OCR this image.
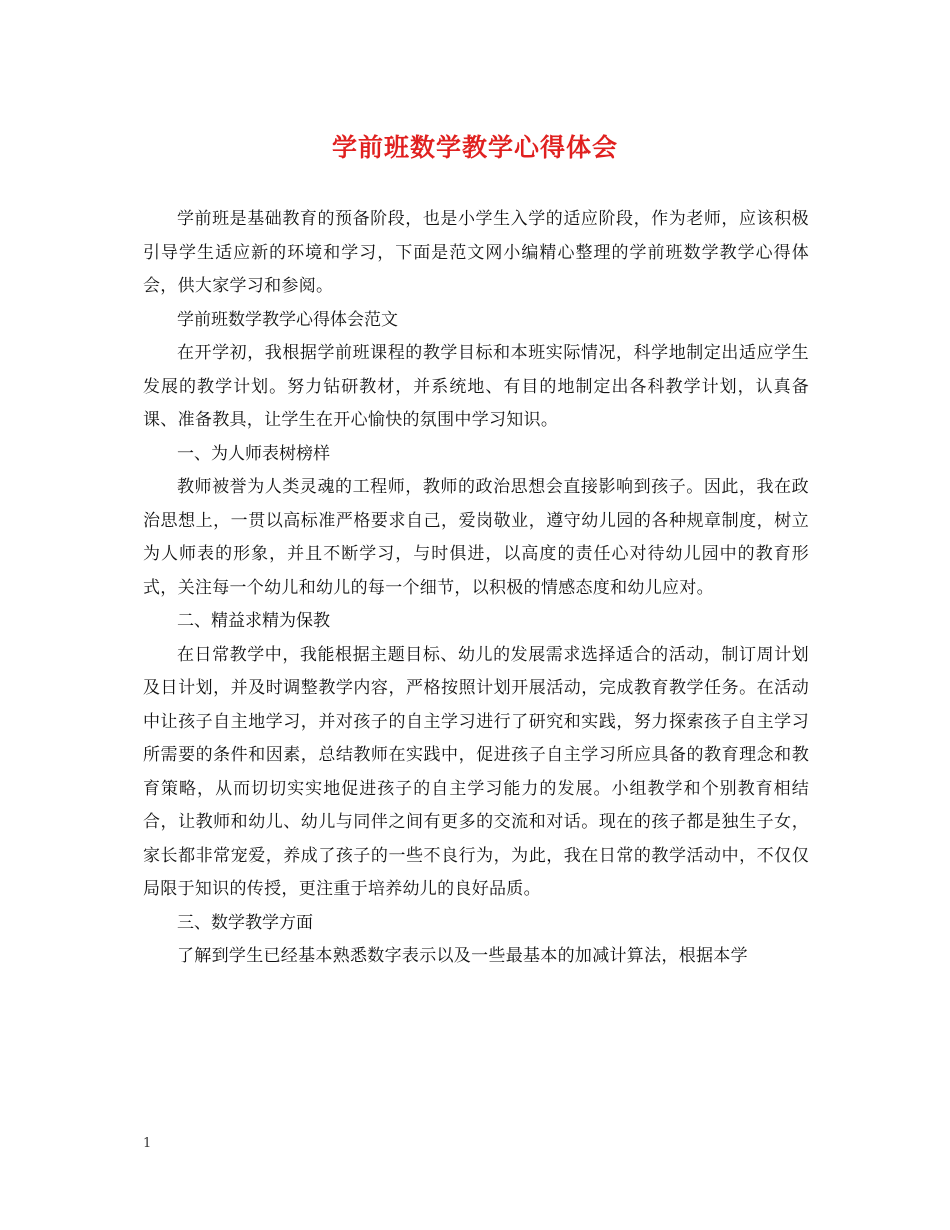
学前班数学教学心得体会

学前班是基础教育的预备阶段，也是小学生入学的适应阶段，作为老师，应该积极引导学生适应新的环境和学习，下面是范文网小编精心整理的学前班数学教学心得体会，供大家学习和参阅。

学前班数学教学心得体会范文

在开学初，我根据学前班课程的教学目标和本班实际情况，科学地制定出适应学生发展的教学计划。努力钻研教材，并系统地、有目的地制定出各科教学计划，认真备课、准备教具，让学生在开心愉快的氛围中学习知识。

一、为人师表树榜样

教师被誉为人类灵魂的工程师，教师的政治思想会直接影响到孩子。因此，我在政治思想上，一贯以高标准严格要求自己，爱岗敬业，遵守幼儿园的各种规章制度，树立为人师表的形象，并且不断学习，与时俱进，以高度的责任心对待幼儿园中的教育形式，关注每一个幼儿和幼儿的每一个细节，以积极的情感态度和幼儿应对。

二、精益求精为保教

在日常教学中，我能根据主题目标、幼儿的发展需求选择适合的活动，制订周计划及日计划，并及时调整教学内容，严格按照计划开展活动，完成教育教学任务。在活动中让孩子自主地学习，并对孩子的自主学习进行了研究和实践，努力探索孩子自主学习所需要的条件和因素，总结教师在实践中，促进孩子自主学习所应具备的教育理念和教育策略，从而切切实实地促进孩子的自主学习能力的发展。小组教学和个别教育相结合，让教师和幼儿、幼儿与同伴之间有更多的交流和对话。现在的孩子都是独生子女，家长都非常宠爱，养成了孩子的一些不良行为，为此，我在日常的教学活动中，不仅仅局限于知识的传授，更注重于培养幼儿的良好品质。

三、数学教学方面

了解到学生已经基本熟悉数字表示以及一些最基本的加减计算法，根据本学

1
